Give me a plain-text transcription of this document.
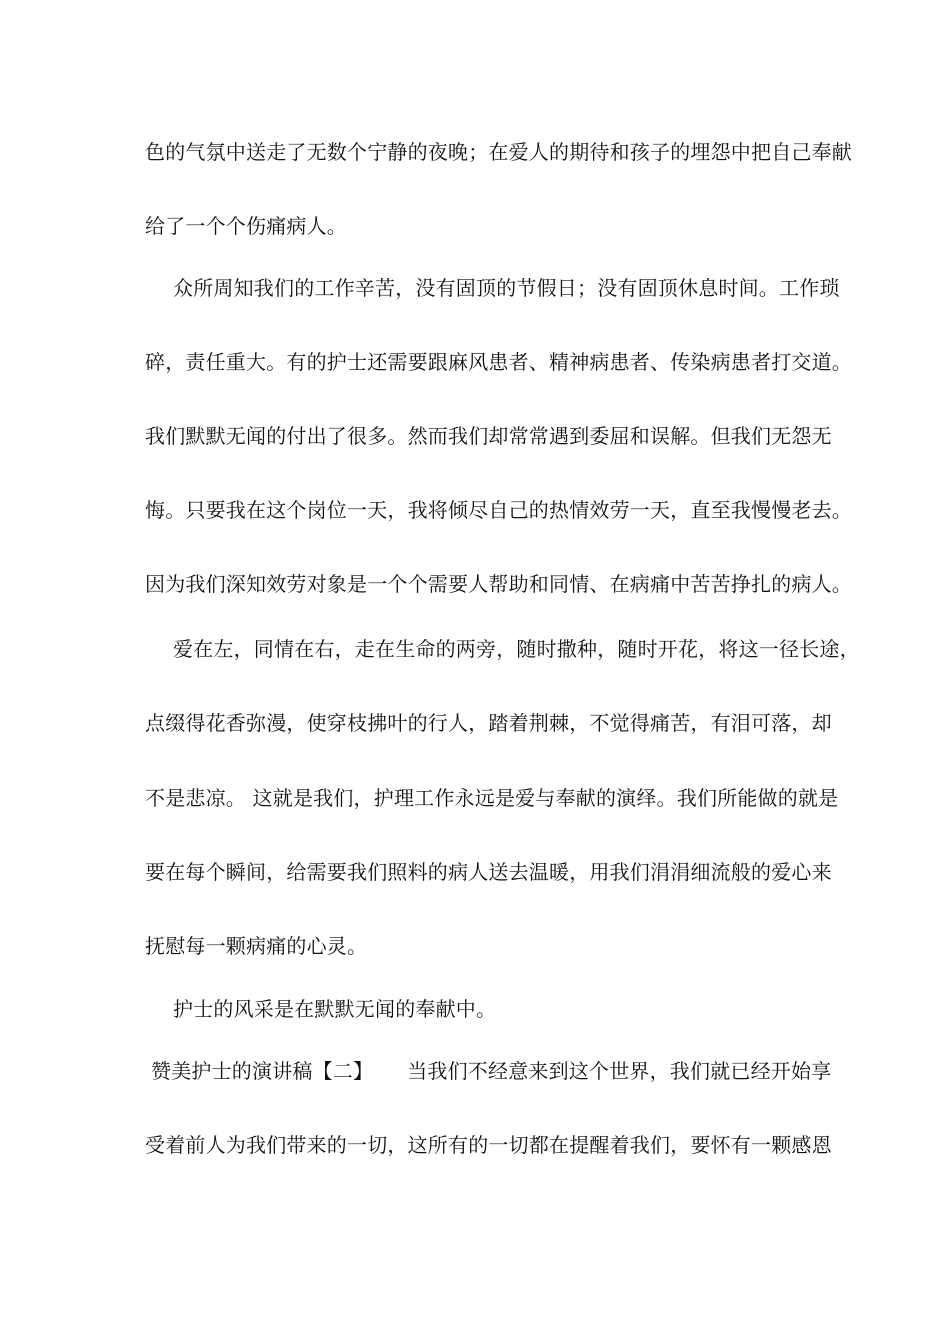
色的气氛中送走了无数个宁静的夜晚；在爱人的期待和孩子的埋怨中把自己奉献
给了一个个伤痛病人。
众所周知我们的工作辛苦，没有固顶的节假日；没有固顶休息时间。工作琐
碎，责任重大。有的护士还需要跟麻风患者、精神病患者、传染病患者打交道。
我们默默无闻的付出了很多。然而我们却常常遇到委屈和误解。但我们无怨无
悔。只要我在这个岗位一天，我将倾尽自己的热情效劳一天，直至我慢慢老去。
因为我们深知效劳对象是一个个需要人帮助和同情、在病痛中苦苦挣扎的病人。
爱在左，同情在右，走在生命的两旁，随时撒种，随时开花，将这一径长途，
点缀得花香弥漫，使穿枝拂叶的行人，踏着荆棘，不觉得痛苦，有泪可落，却
不是悲凉。 这就是我们，护理工作永远是爱与奉献的演绎。我们所能做的就是
要在每个瞬间，给需要我们照料的病人送去温暖，用我们涓涓细流般的爱心来
抚慰每一颗病痛的心灵。
护士的风采是在默默无闻的奉献中。
赞美护士的演讲稿【二】 当我们不经意来到这个世界，我们就已经开始享
受着前人为我们带来的一切，这所有的一切都在提醒着我们，要怀有一颗感恩
